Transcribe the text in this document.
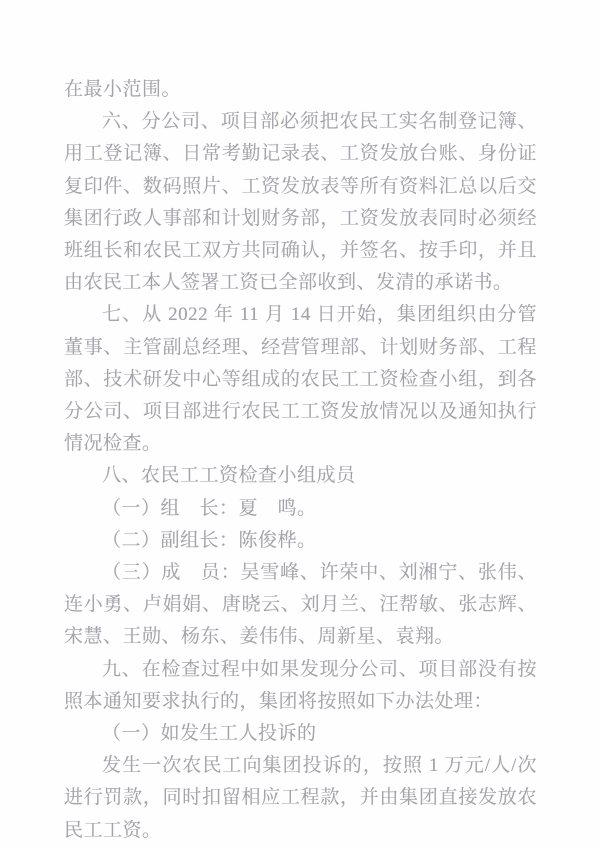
在最小范围。

六、分公司、项目部必须把农民工实名制登记簿、用工登记簿、日常考勤记录表、工资发放台账、身份证复印件、数码照片、工资发放表等所有资料汇总以后交集团行政人事部和计划财务部，工资发放表同时必须经班组长和农民工双方共同确认，并签名、按手印，并且由农民工本人签署工资已全部收到、发清的承诺书。

七、从 2022 年 11 月 14 日开始，集团组织由分管董事、主管副总经理、经营管理部、计划财务部、工程部、技术研发中心等组成的农民工工资检查小组，到各分公司、项目部进行农民工工资发放情况以及通知执行情况检查。

八、农民工工资检查小组成员

（一）组　长：夏　鸣。

（二）副组长：陈俊桦。

（三）成　员：吴雪峰、许荣中、刘湘宁、张伟、连小勇、卢娟娟、唐晓云、刘月兰、汪帮敏、张志辉、宋慧、王勋、杨东、姜伟伟、周新星、袁翔。

九、在检查过程中如果发现分公司、项目部没有按照本通知要求执行的，集团将按照如下办法处理：

（一）如发生工人投诉的

发生一次农民工向集团投诉的，按照 1 万元/人/次进行罚款，同时扣留相应工程款，并由集团直接发放农民工工资。
